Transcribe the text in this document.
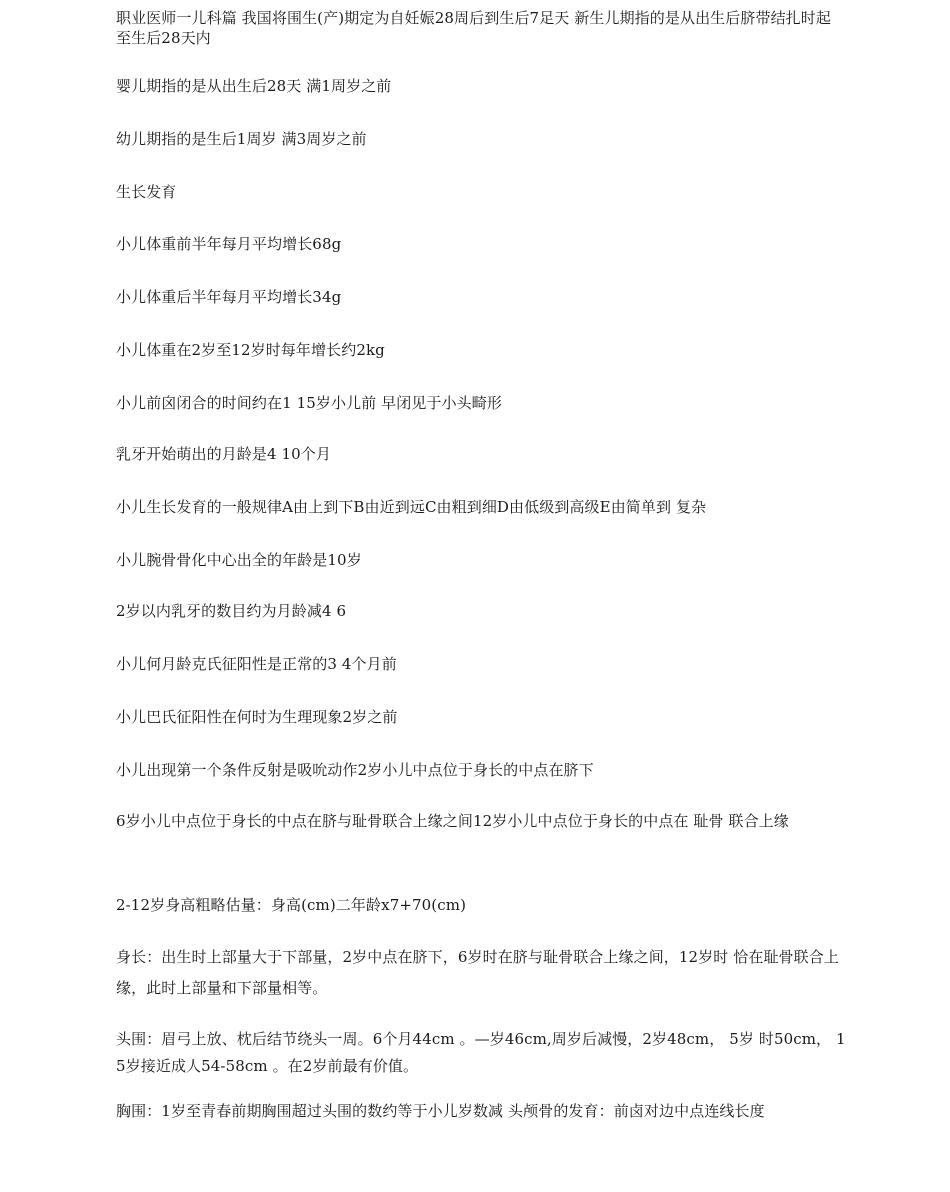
职业医师一儿科篇 我国将围生(产)期定为自妊娠28周后到生后7足天 新生儿期指的是从出生后脐带结扎时起至生后28天内
婴儿期指的是从出生后28天 满1周岁之前
幼儿期指的是生后1周岁 满3周岁之前
生长发育
小儿体重前半年每月平均增长68g
小儿体重后半年每月平均增长34g
小儿体重在2岁至12岁时每年增长约2kg
小儿前囟闭合的时间约在1 15岁小儿前 早闭见于小头畸形
乳牙开始萌出的月龄是4 10个月
小儿生长发育的一般规律A由上到下B由近到远C由粗到细D由低级到高级E由简单到 复杂
小儿腕骨骨化中心出全的年龄是10岁
2岁以内乳牙的数目约为月龄减4 6
小儿何月龄克氏征阳性是正常的3 4个月前
小儿巴氏征阳性在何时为生理现象2岁之前
小儿出现第一个条件反射是吸吮动作2岁小儿中点位于身长的中点在脐下
6岁小儿中点位于身长的中点在脐与耻骨联合上缘之间12岁小儿中点位于身长的中点在 耻骨 联合上缘
2-12岁身高粗略估量：身高(cm)二年龄x7+70(cm)
身长：出生时上部量大于下部量，2岁中点在脐下，6岁时在脐与耻骨联合上缘之间，12岁时 恰在耻骨联合上缘，此时上部量和下部量相等。
头围：眉弓上放、枕后结节绕头一周。6个月44cm 。—岁46cm,周岁后减慢，2岁48cm， 5岁 时50cm， 15岁接近成人54-58cm 。在2岁前最有价值。
胸围：1岁至青春前期胸围超过头围的数约等于小儿岁数减 头颅骨的发育：前卤对边中点连线长度
